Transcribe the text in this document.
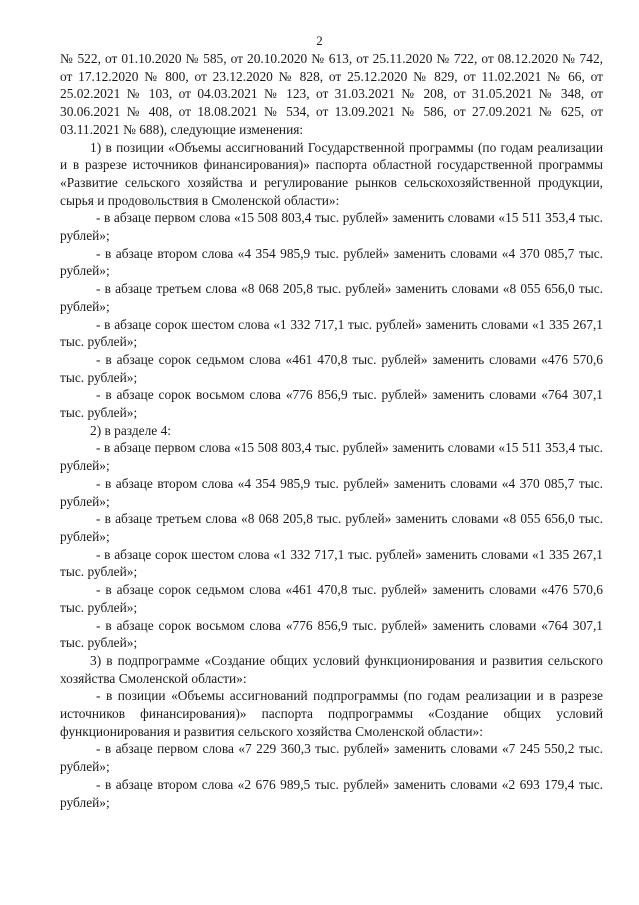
2

№ 522, от 01.10.2020 № 585, от 20.10.2020 № 613, от 25.11.2020 № 722, от 08.12.2020 № 742, от 17.12.2020 № 800, от 23.12.2020 № 828, от 25.12.2020 № 829, от 11.02.2021 № 66, от 25.02.2021 № 103, от 04.03.2021 № 123, от 31.03.2021 № 208, от 31.05.2021 № 348, от 30.06.2021 № 408, от 18.08.2021 № 534, от 13.09.2021 № 586, от 27.09.2021 № 625, от 03.11.2021 № 688), следующие изменения:

1) в позиции «Объемы ассигнований Государственной программы (по годам реализации и в разрезе источников финансирования)» паспорта областной государственной программы «Развитие сельского хозяйства и регулирование рынков сельскохозяйственной продукции, сырья и продовольствия в Смоленской области»:

- в абзаце первом слова «15 508 803,4 тыс. рублей» заменить словами «15 511 353,4 тыс. рублей»;

- в абзаце втором слова «4 354 985,9 тыс. рублей» заменить словами «4 370 085,7 тыс. рублей»;

- в абзаце третьем слова «8 068 205,8 тыс. рублей» заменить словами «8 055 656,0 тыс. рублей»;

- в абзаце сорок шестом слова «1 332 717,1 тыс. рублей» заменить словами «1 335 267,1 тыс. рублей»;

- в абзаце сорок седьмом слова «461 470,8 тыс. рублей» заменить словами «476 570,6 тыс. рублей»;

- в абзаце сорок восьмом слова «776 856,9 тыс. рублей» заменить словами «764 307,1 тыс. рублей»;

2) в разделе 4:

- в абзаце первом слова «15 508 803,4 тыс. рублей» заменить словами «15 511 353,4 тыс. рублей»;

- в абзаце втором слова «4 354 985,9 тыс. рублей» заменить словами «4 370 085,7 тыс. рублей»;

- в абзаце третьем слова «8 068 205,8 тыс. рублей» заменить словами «8 055 656,0 тыс. рублей»;

- в абзаце сорок шестом слова «1 332 717,1 тыс. рублей» заменить словами «1 335 267,1 тыс. рублей»;

- в абзаце сорок седьмом слова «461 470,8 тыс. рублей» заменить словами «476 570,6 тыс. рублей»;

- в абзаце сорок восьмом слова «776 856,9 тыс. рублей» заменить словами «764 307,1 тыс. рублей»;

3) в подпрограмме «Создание общих условий функционирования и развития сельского хозяйства Смоленской области»:

- в позиции «Объемы ассигнований подпрограммы (по годам реализации и в разрезе источников финансирования)» паспорта подпрограммы «Создание общих условий функционирования и развития сельского хозяйства Смоленской области»:

- в абзаце первом слова «7 229 360,3 тыс. рублей» заменить словами «7 245 550,2 тыс. рублей»;

- в абзаце втором слова «2 676 989,5 тыс. рублей» заменить словами «2 693 179,4 тыс. рублей»;
